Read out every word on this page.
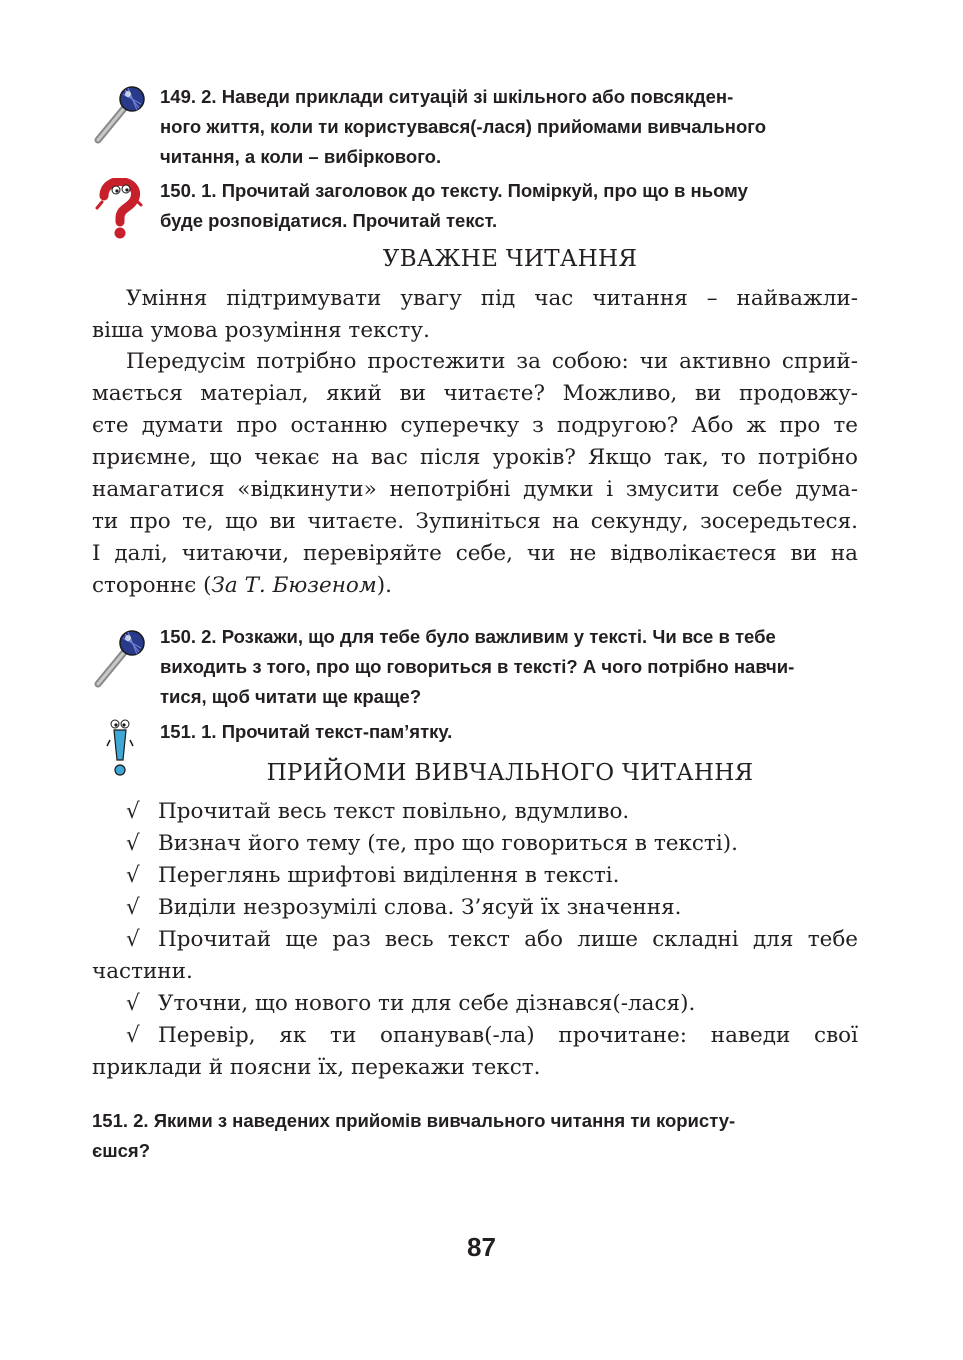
149. 2. Наведи приклади ситуацій зі шкільного або повсякден-
ного життя, коли ти користувався(-лася) прийомами вивчального
читання, а коли – вибіркового.
150. 1. Прочитай заголовок до тексту. Поміркуй, про що в ньому
буде розповідатися. Прочитай текст.
УВАЖНЕ ЧИТАННЯ
Уміння підтримувати увагу під час читання – найважли-
віша умова розуміння тексту.
Передусім потрібно простежити за собою: чи активно сприй-
мається матеріал, який ви читаєте? Можливо, ви продовжу-
єте думати про останню суперечку з подругою? Або ж про те
приємне, що чекає на вас після уроків? Якщо так, то потрібно
намагатися «відкинути» непотрібні думки і змусити себе дума-
ти про те, що ви читаєте. Зупиніться на секунду, зосередьтеся.
І далі, читаючи, перевіряйте себе, чи не відволікаєтеся ви на
стороннє (За Т. Бюзеном).
150. 2. Розкажи, що для тебе було важливим у тексті. Чи все в тебе
виходить з того, про що говориться в тексті? А чого потрібно навчи-
тися, щоб читати ще краще?
151. 1. Прочитай текст-пам’ятку.
ПРИЙОМИ ВИВЧАЛЬНОГО ЧИТАННЯ
√ Прочитай весь текст повільно, вдумливо.
√ Визнач його тему (те, про що говориться в тексті).
√ Переглянь шрифтові виділення в тексті.
√ Виділи незрозумілі слова. З’ясуй їх значення.
√ Прочитай ще раз весь текст або лише складні для тебе
частини.
√ Уточни, що нового ти для себе дізнався(-лася).
√ Перевір, як ти опанував(-ла) прочитане: наведи свої
приклади й поясни їх, перекажи текст.
151. 2. Якими з наведених прийомів вивчального читання ти користу-
єшся?
87
